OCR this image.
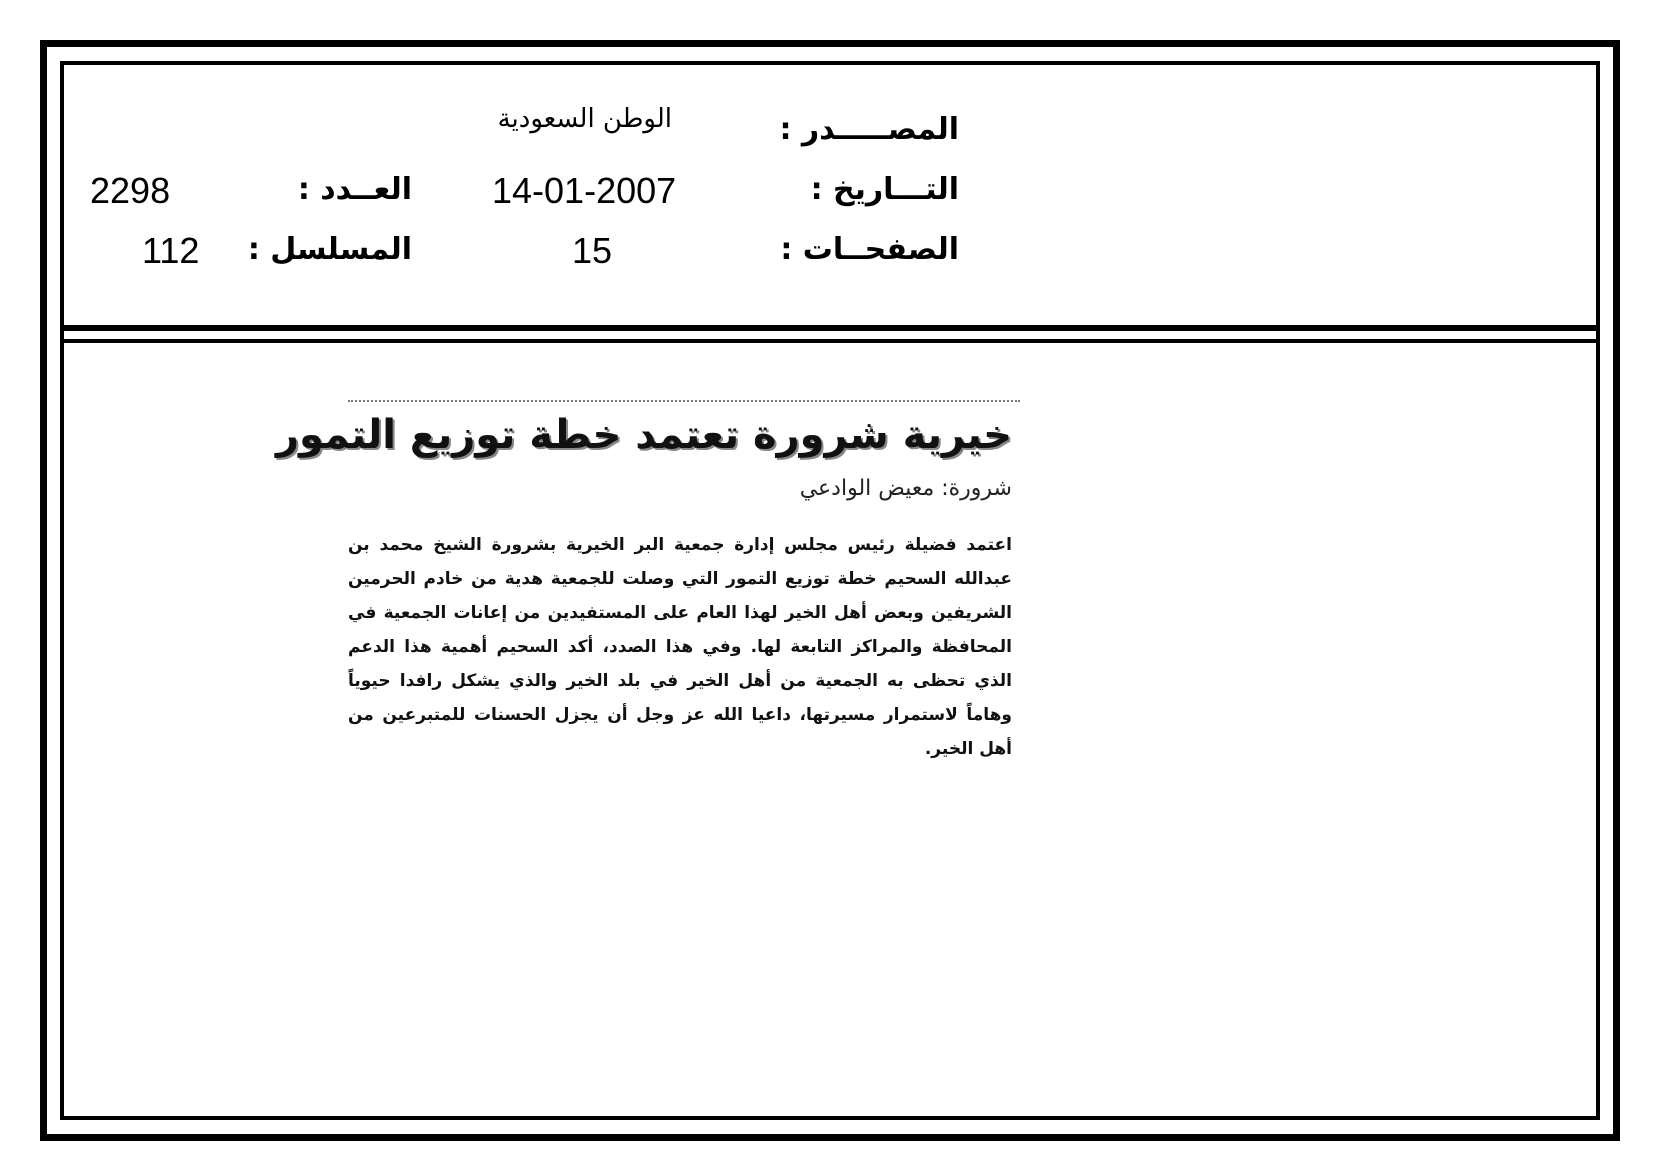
المصـــــدر :
الوطن السعودية
التـــاريخ :
14-01-2007
العــدد :
2298
الصفحــات :
15
المسلسل :
112
خيرية شرورة تعتمد خطة توزيع التمور
شرورة: معيض الوادعي
اعتمد فضيلة رئيس مجلس إدارة جمعية البر الخيرية بشرورة الشيخ محمد بن عبدالله السحيم خطة توزيع التمور التي وصلت للجمعية هدية من خادم الحرمين الشريفين وبعض أهل الخير لهذا العام على المستفيدين من إعانات الجمعية في المحافظة والمراكز التابعة لها. وفي هذا الصدد، أكد السحيم أهمية هذا الدعم الذي تحظى به الجمعية من أهل الخير في بلد الخير والذي يشكل رافدا حيوياً وهاماً لاستمرار مسيرتها، داعيا الله عز وجل أن يجزل الحسنات للمتبرعين من أهل الخير.
